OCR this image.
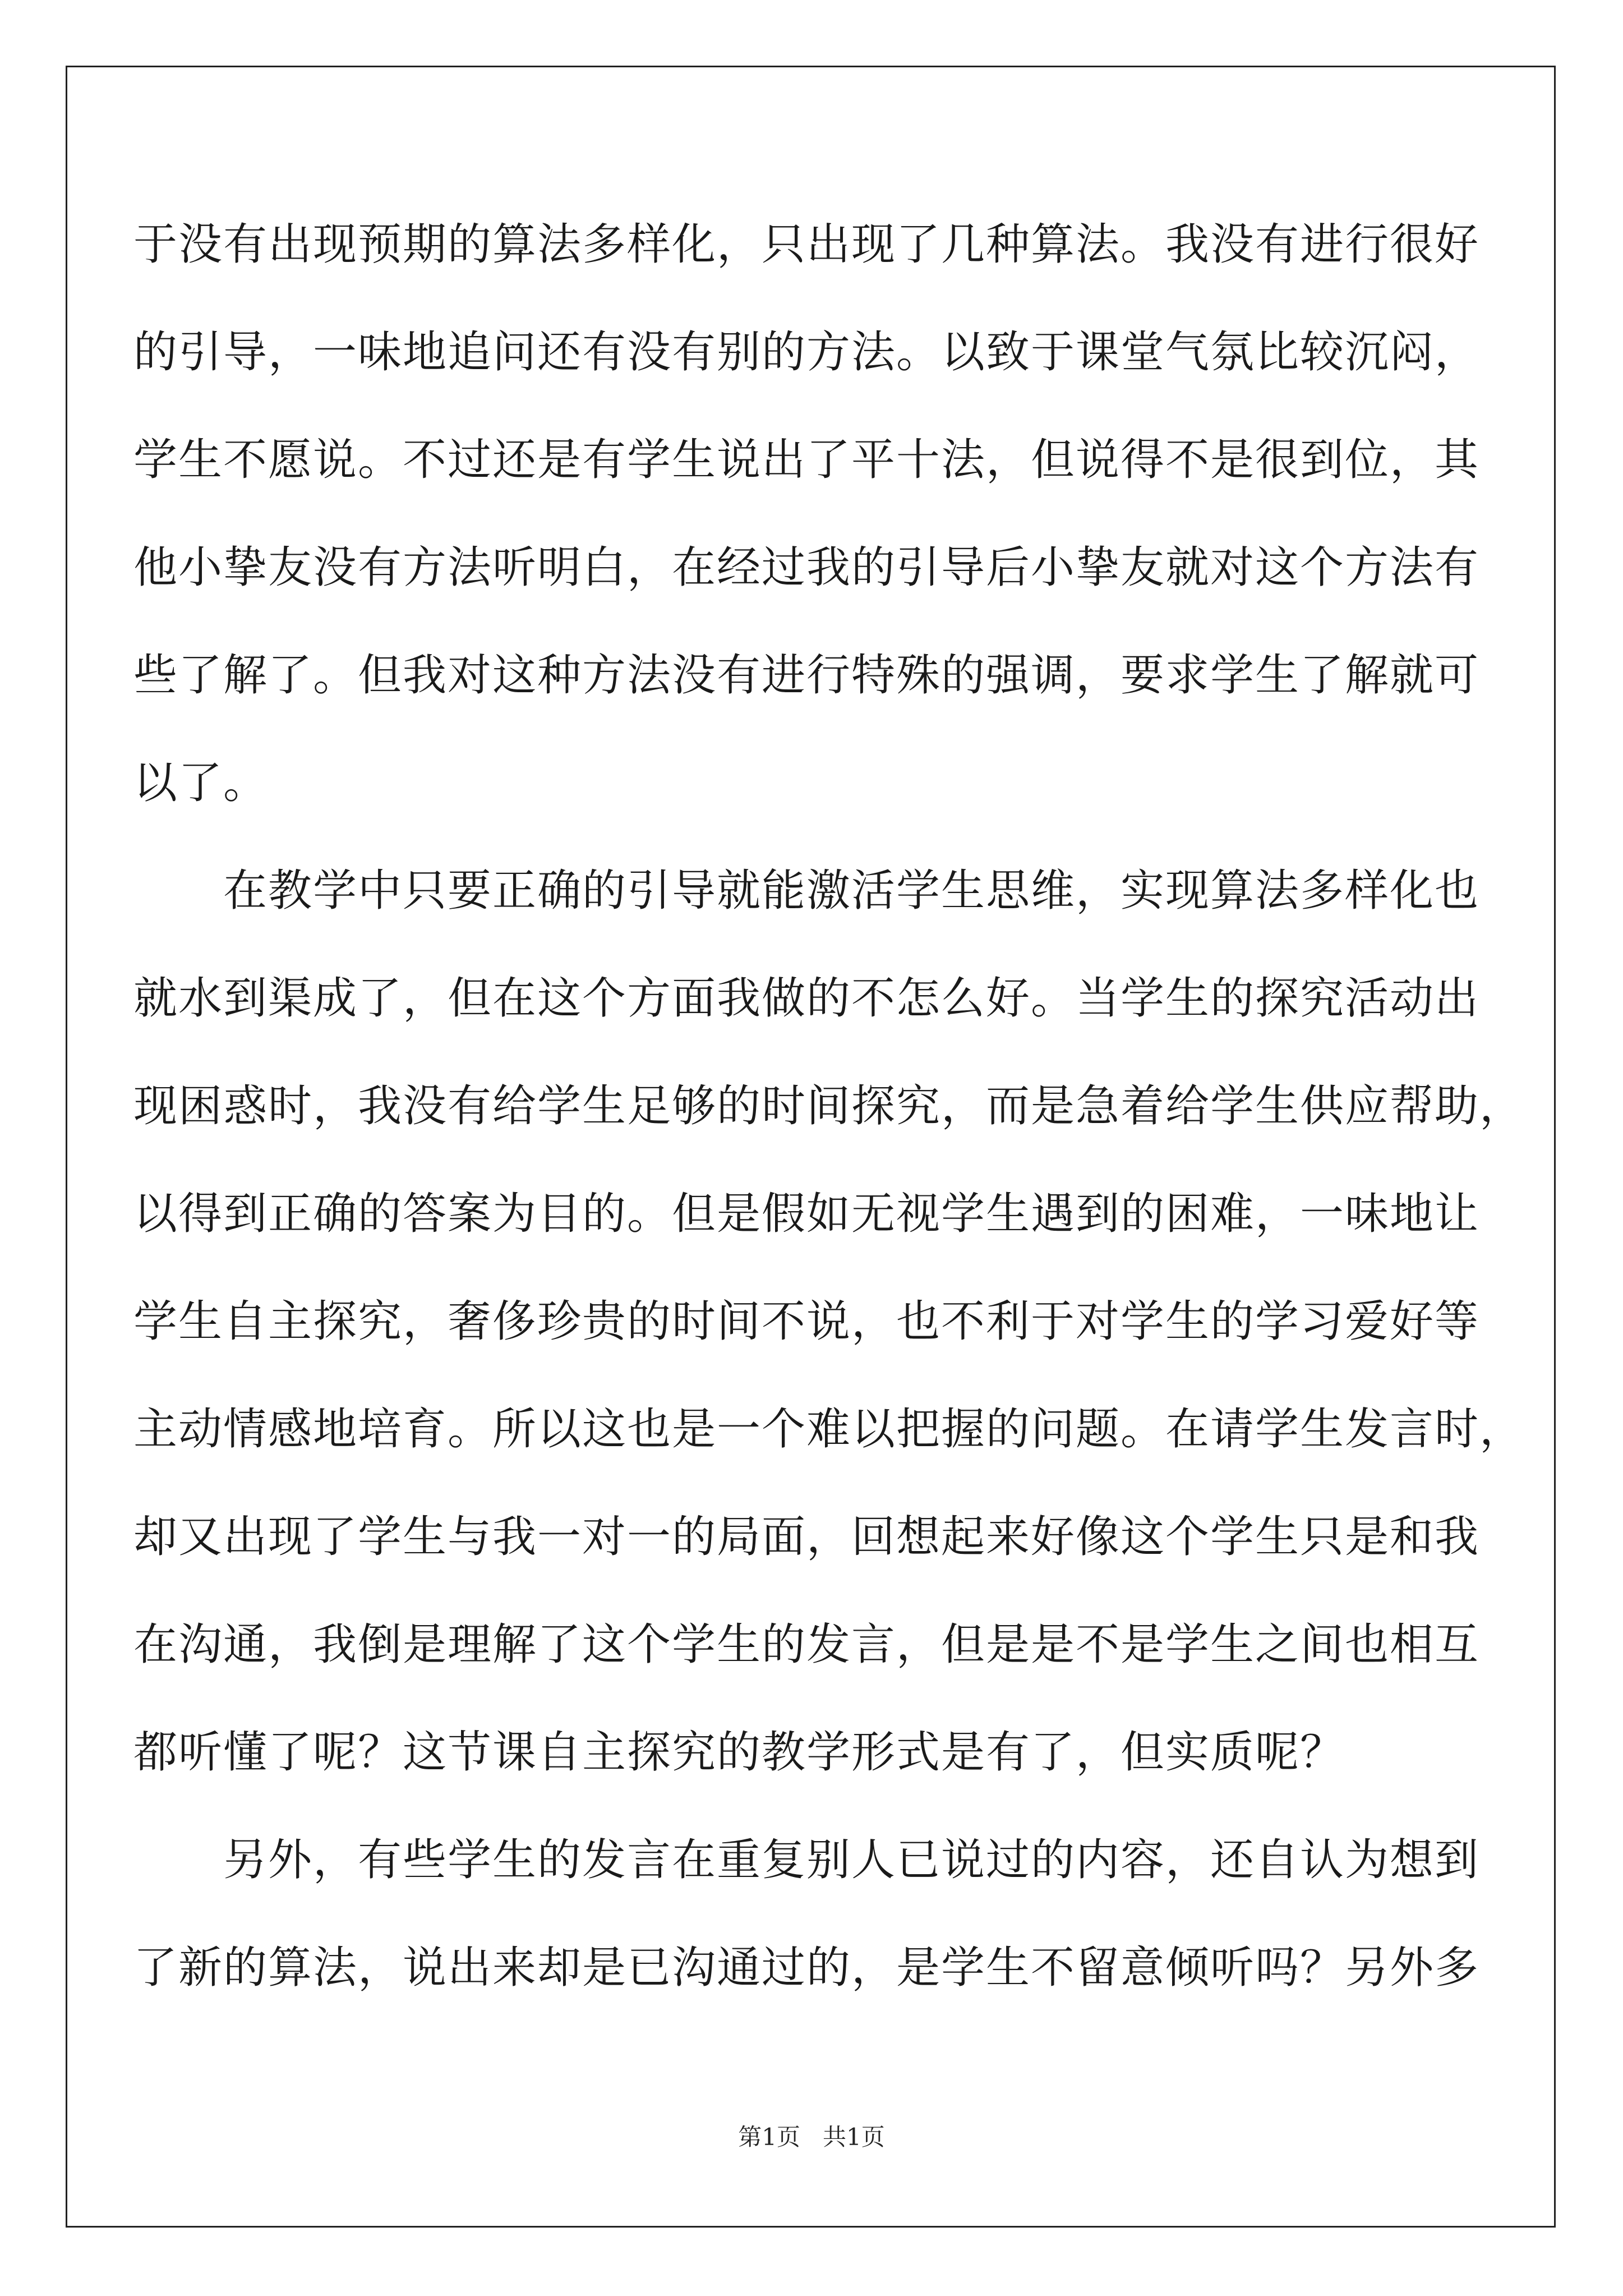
于没有出现预期的算法多样化，只出现了几种算法。我没有进行很好
的引导，一味地追问还有没有别的方法。以致于课堂气氛比较沉闷，
学生不愿说。不过还是有学生说出了平十法，但说得不是很到位，其
他小挚友没有方法听明白，在经过我的引导后小挚友就对这个方法有
些了解了。但我对这种方法没有进行特殊的强调，要求学生了解就可
以了。
　　在教学中只要正确的引导就能激活学生思维，实现算法多样化也
就水到渠成了，但在这个方面我做的不怎么好。当学生的探究活动出
现困惑时，我没有给学生足够的时间探究，而是急着给学生供应帮助，
以得到正确的答案为目的。但是假如无视学生遇到的困难，一味地让
学生自主探究，奢侈珍贵的时间不说，也不利于对学生的学习爱好等
主动情感地培育。所以这也是一个难以把握的问题。在请学生发言时，
却又出现了学生与我一对一的局面，回想起来好像这个学生只是和我
在沟通，我倒是理解了这个学生的发言，但是是不是学生之间也相互
都听懂了呢？这节课自主探究的教学形式是有了，但实质呢？
　　另外，有些学生的发言在重复别人已说过的内容，还自认为想到
了新的算法，说出来却是已沟通过的，是学生不留意倾听吗？另外多
第1页   共1页
